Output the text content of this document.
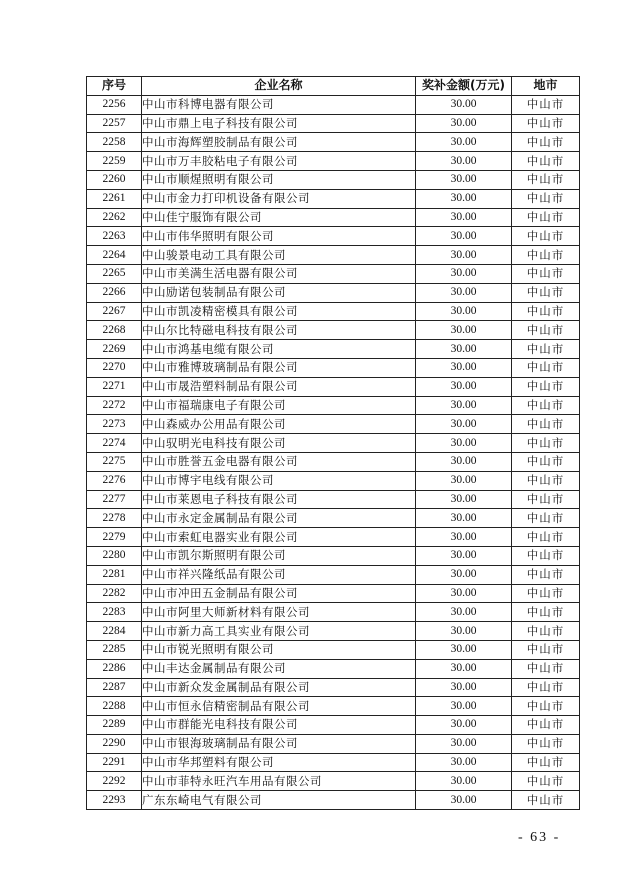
序号	企业名称	奖补金额(万元)	地市
2256	中山市科博电器有限公司	30.00	中山市
2257	中山市鼎上电子科技有限公司	30.00	中山市
2258	中山市海辉塑胶制品有限公司	30.00	中山市
2259	中山市万丰胶粘电子有限公司	30.00	中山市
2260	中山市顺煋照明有限公司	30.00	中山市
2261	中山市金力打印机设备有限公司	30.00	中山市
2262	中山佳宁服饰有限公司	30.00	中山市
2263	中山市伟华照明有限公司	30.00	中山市
2264	中山骏景电动工具有限公司	30.00	中山市
2265	中山市美满生活电器有限公司	30.00	中山市
2266	中山励诺包装制品有限公司	30.00	中山市
2267	中山市凯凌精密模具有限公司	30.00	中山市
2268	中山尔比特磁电科技有限公司	30.00	中山市
2269	中山市鸿基电缆有限公司	30.00	中山市
2270	中山市雅博玻璃制品有限公司	30.00	中山市
2271	中山市晟浩塑料制品有限公司	30.00	中山市
2272	中山市福瑞康电子有限公司	30.00	中山市
2273	中山森威办公用品有限公司	30.00	中山市
2274	中山驭明光电科技有限公司	30.00	中山市
2275	中山市胜誉五金电器有限公司	30.00	中山市
2276	中山市博宇电线有限公司	30.00	中山市
2277	中山市莱恩电子科技有限公司	30.00	中山市
2278	中山市永定金属制品有限公司	30.00	中山市
2279	中山市索虹电器实业有限公司	30.00	中山市
2280	中山市凯尔斯照明有限公司	30.00	中山市
2281	中山市祥兴隆纸品有限公司	30.00	中山市
2282	中山市冲田五金制品有限公司	30.00	中山市
2283	中山市阿里大师新材料有限公司	30.00	中山市
2284	中山市新力高工具实业有限公司	30.00	中山市
2285	中山市锐光照明有限公司	30.00	中山市
2286	中山丰达金属制品有限公司	30.00	中山市
2287	中山市新众发金属制品有限公司	30.00	中山市
2288	中山市恒永信精密制品有限公司	30.00	中山市
2289	中山市群能光电科技有限公司	30.00	中山市
2290	中山市银海玻璃制品有限公司	30.00	中山市
2291	中山市华邦塑料有限公司	30.00	中山市
2292	中山市菲特永旺汽车用品有限公司	30.00	中山市
2293	广东东崎电气有限公司	30.00	中山市
- 63 -
